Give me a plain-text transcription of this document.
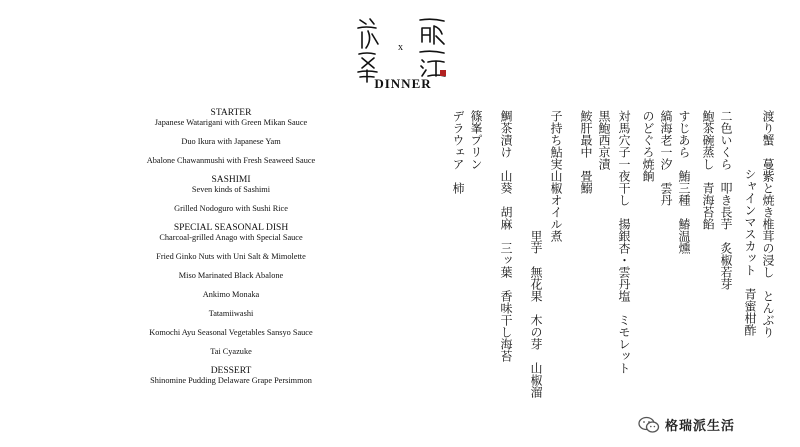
x
DINNER
STARTER
Japanese Watarigani with Green Mikan Sauce
Duo Ikura with Japanese Yam
Abalone Chawanmushi with Fresh Seaweed Sauce
SASHIMI
Seven kinds of Sashimi
Grilled Nodoguro with Sushi Rice
SPECIAL SEASONAL DISH
Charcoal-grilled Anago with Special Sauce
Fried Ginko Nuts with Uni Salt & Mimolette
Miso Marinated Black Abalone
Ankimo Monaka
Tatamiiwashi
Komochi Ayu Seasonal Vegetables Sansyo Sauce
Tai Cyazuke
DESSERT
Shinomine Pudding Delaware Grape Persimmon
渡り蟹　蔓紫と焼き椎茸の浸し　とんぶり
シャインマスカット　青蜜柑酢
二色いくら　叩き長芋　炙椒若芽
鮑茶碗蒸し　青海苔餡
すじあら　鮪三種　鰆温燻
縞海老一汐　雲丹
のどぐろ焼餉
対馬穴子一夜干し　揚銀杏・雲丹塩　ミモレット
黒鮑西京漬
鮟肝最中　畳鰯
子持ち鮎実山椒オイル煮
里芋　無花果　木の芽　山椒溜
鯛茶漬け　山葵　胡麻　三ッ葉　香味干し海苔
篠峯プリン
デラウェア　柿
格瑞派生活
